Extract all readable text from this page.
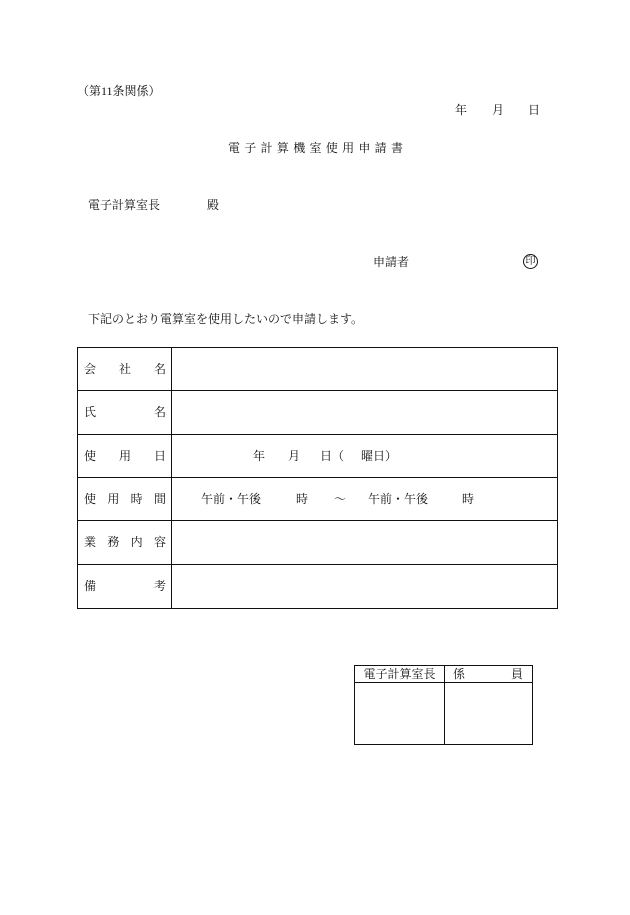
（第11条関係）
年 月 日
電 子 計 算 機 室 使 用 申 請 書
電子計算室長	殿
申請者	印
下記のとおり電算室を使用したいので申請します。
会 社 名
氏	名
使 用 日	年 月 日（ 曜日）
使 用 時 間	午前・午後	時 ～ 午前・午後	時
業 務 内 容
備	考
電子計算室長	係	員
